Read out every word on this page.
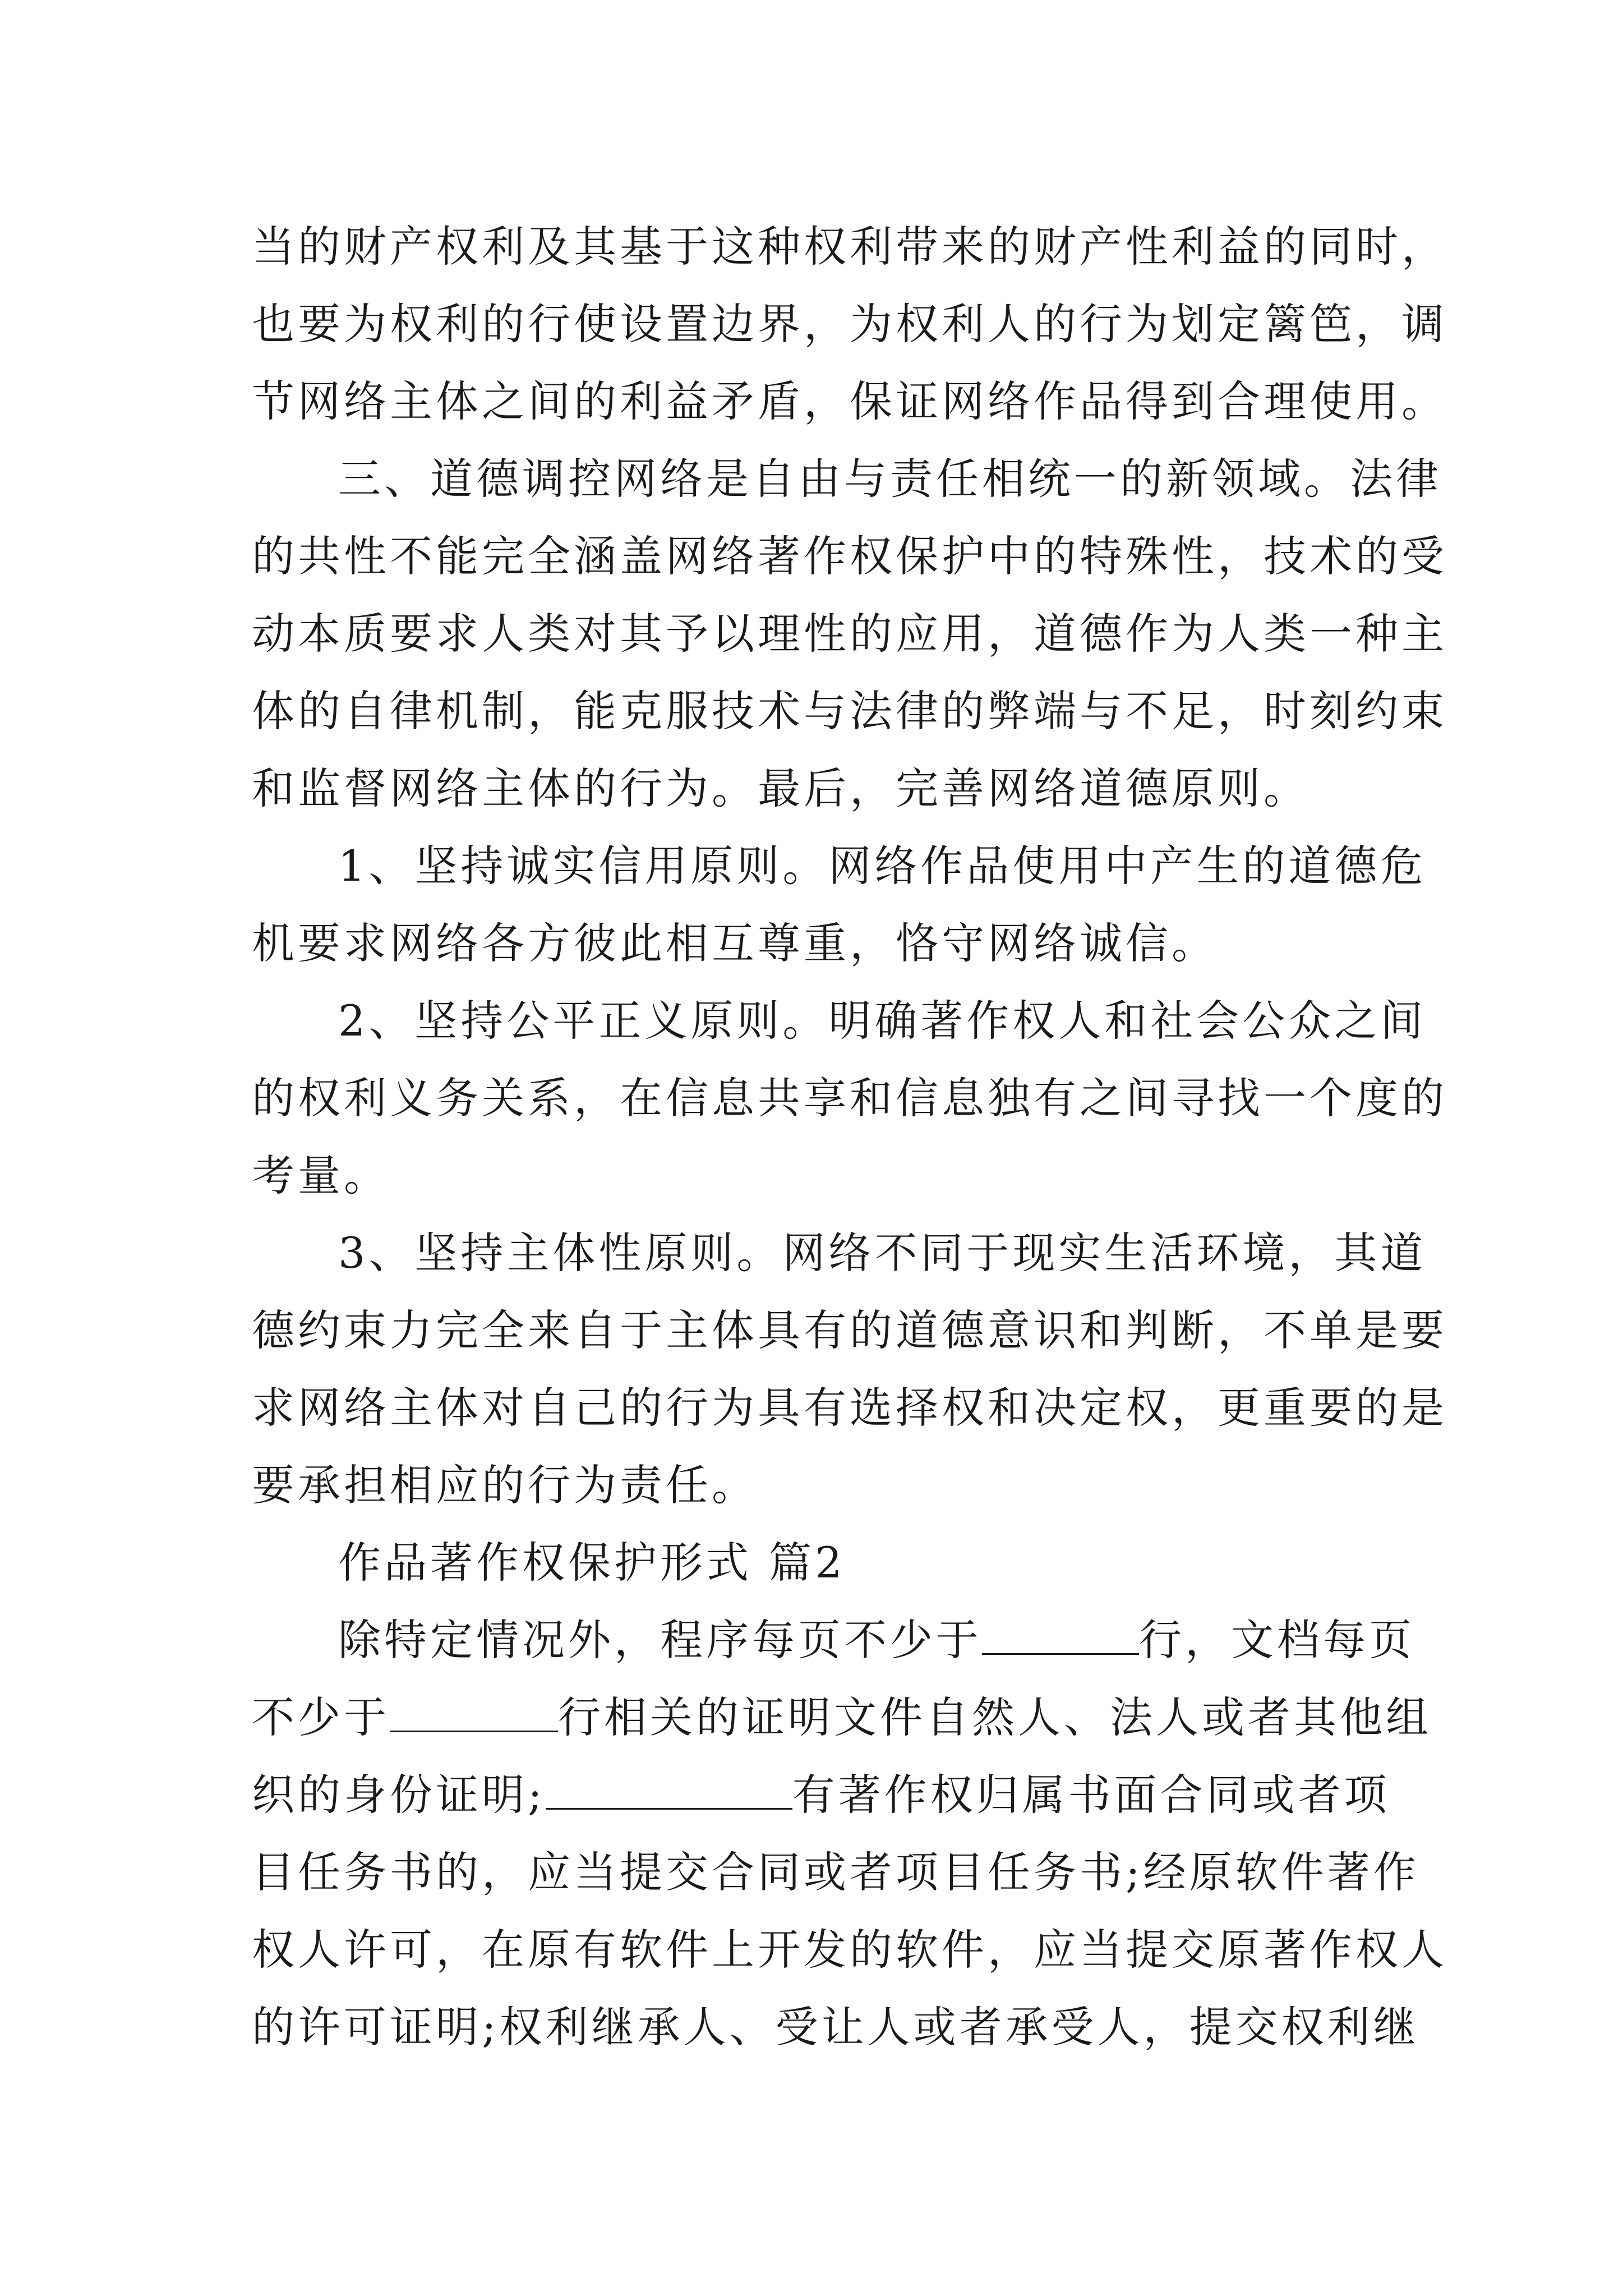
当的财产权利及其基于这种权利带来的财产性利益的同时，
也要为权利的行使设置边界，为权利人的行为划定篱笆，调
节网络主体之间的利益矛盾，保证网络作品得到合理使用。
三、道德调控网络是自由与责任相统一的新领域。法律
的共性不能完全涵盖网络著作权保护中的特殊性，技术的受
动本质要求人类对其予以理性的应用，道德作为人类一种主
体的自律机制，能克服技术与法律的弊端与不足，时刻约束
和监督网络主体的行为。最后，完善网络道德原则。
1、坚持诚实信用原则。网络作品使用中产生的道德危
机要求网络各方彼此相互尊重，恪守网络诚信。
2、坚持公平正义原则。明确著作权人和社会公众之间
的权利义务关系，在信息共享和信息独有之间寻找一个度的
考量。
3、坚持主体性原则。网络不同于现实生活环境，其道
德约束力完全来自于主体具有的道德意识和判断，不单是要
求网络主体对自己的行为具有选择权和决定权，更重要的是
要承担相应的行为责任。
作品著作权保护形式 篇2
除特定情况外，程序每页不少于	行，文档每页
不少于	行相关的证明文件自然人、法人或者其他组
织的身份证明;	有著作权归属书面合同或者项
目任务书的，应当提交合同或者项目任务书;经原软件著作
权人许可，在原有软件上开发的软件，应当提交原著作权人
的许可证明;权利继承人、受让人或者承受人，提交权利继
